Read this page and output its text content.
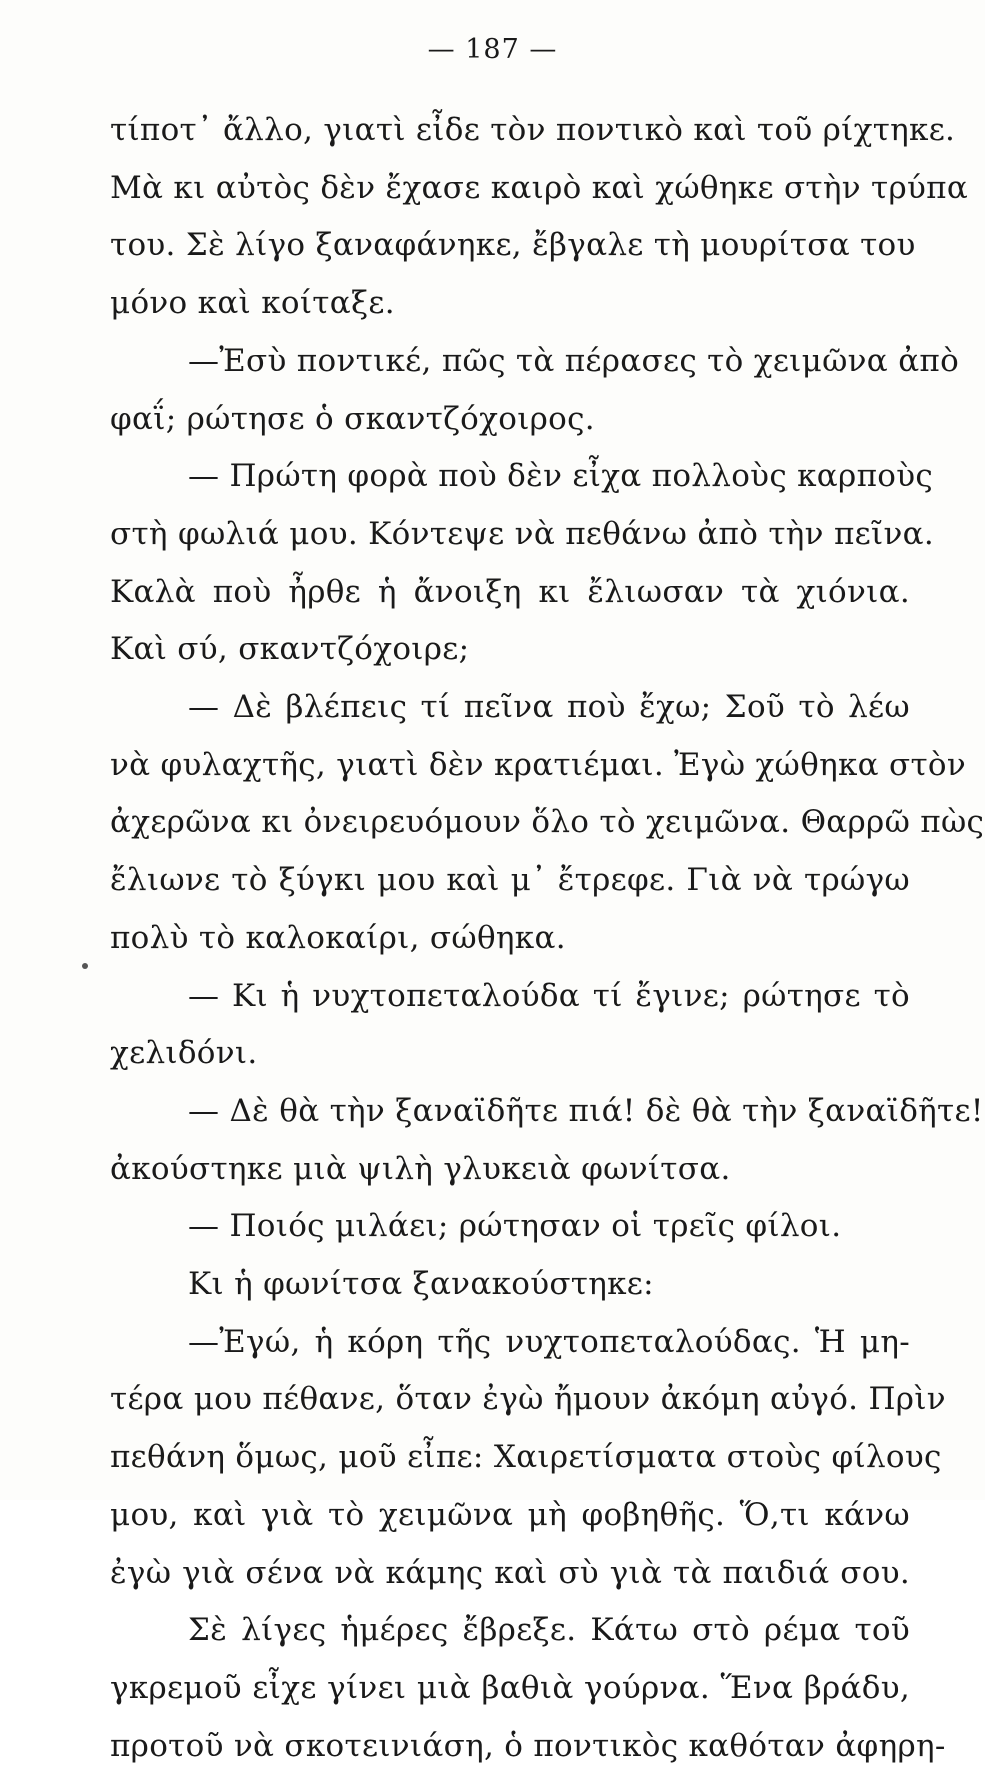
— 187 —
τίποτ᾽ ἄλλο, γιατὶ εἶδε τὸν ποντικὸ καὶ τοῦ ρίχτηκε.
Μὰ κι αὐτὸς δὲν ἔχασε καιρὸ καὶ χώθηκε στὴν τρύπα
του. Σὲ λίγο ξαναφάνηκε, ἔβγαλε τὴ μουρίτσα του
μόνο καὶ κοίταξε.
—Ἐσὺ ποντικέ, πῶς τὰ πέρασες τὸ χειμῶνα ἀπὸ
φαΐ; ρώτησε ὁ σκαντζόχοιρος.
— Πρώτη φορὰ ποὺ δὲν εἶχα πολλοὺς καρποὺς
στὴ φωλιά μου. Κόντεψε νὰ πεθάνω ἀπὸ τὴν πεῖνα.
Καλὰ ποὺ ἦρθε ἡ ἄνοιξη κι ἔλιωσαν τὰ χιόνια.
Καὶ σύ, σκαντζόχοιρε;
— Δὲ βλέπεις τί πεῖνα ποὺ ἔχω; Σοῦ τὸ λέω
νὰ φυλαχτῆς, γιατὶ δὲν κρατιέμαι. Ἐγὼ χώθηκα στὸν
ἀχερῶνα κι ὀνειρευόμουν ὅλο τὸ χειμῶνα. Θαρρῶ πὼς
ἔλιωνε τὸ ξύγκι μου καὶ μ᾽ ἔτρεφε. Γιὰ νὰ τρώγω
πολὺ τὸ καλοκαίρι, σώθηκα.
— Κι ἡ νυχτοπεταλούδα τί ἔγινε; ρώτησε τὸ
χελιδόνι.
— Δὲ θὰ τὴν ξαναϊδῆτε πιά! δὲ θὰ τὴν ξαναϊδῆτε!
ἀκούστηκε μιὰ ψιλὴ γλυκειὰ φωνίτσα.
— Ποιός μιλάει; ρώτησαν οἱ τρεῖς φίλοι.
Κι ἡ φωνίτσα ξανακούστηκε:
—Ἐγώ, ἡ κόρη τῆς νυχτοπεταλούδας. Ἡ μη-
τέρα μου πέθανε, ὅταν ἐγὼ ἤμουν ἀκόμη αὐγό. Πρὶν
πεθάνη ὅμως, μοῦ εἶπε: Χαιρετίσματα στοὺς φίλους
μου, καὶ γιὰ τὸ χειμῶνα μὴ φοβηθῆς. Ὅ,τι κάνω
ἐγὼ γιὰ σένα νὰ κάμης καὶ σὺ γιὰ τὰ παιδιά σου.
Σὲ λίγες ἡμέρες ἔβρεξε. Κάτω στὸ ρέμα τοῦ
γκρεμοῦ εἶχε γίνει μιὰ βαθιὰ γούρνα. Ἕνα βράδυ,
προτοῦ νὰ σκοτεινιάση, ὁ ποντικὸς καθόταν ἀφηρη-
